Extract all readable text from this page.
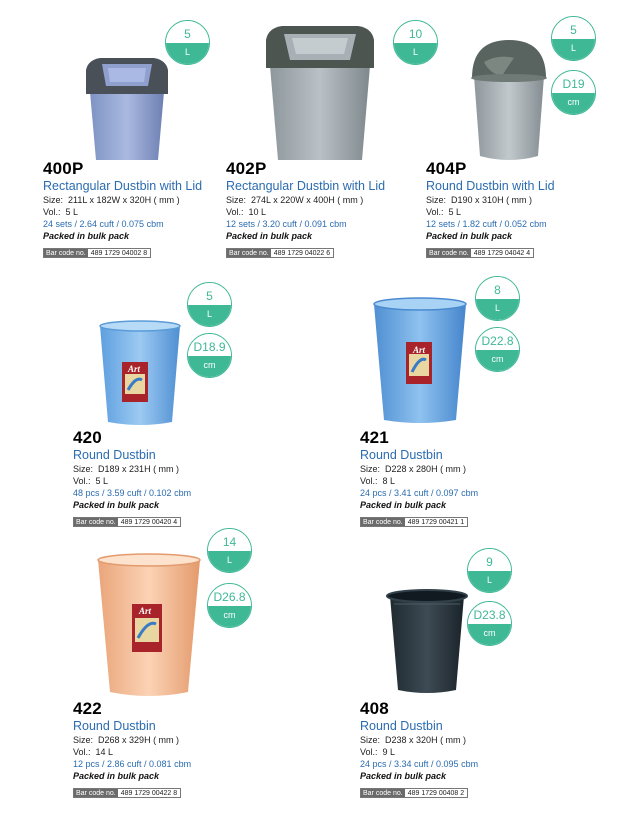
5
L
400P
Rectangular Dustbin with Lid
Size: 211L x 182W x 320H ( mm )
Vol.: 5 L
24 sets / 2.64 cuft / 0.075 cbm
Packed in bulk pack
Bar code no. 489 1729 04002 8
10
L
402P
Rectangular Dustbin with Lid
Size: 274L x 220W x 400H ( mm )
Vol.: 10 L
12 sets / 3.20 cuft / 0.091 cbm
Packed in bulk pack
Bar code no. 489 1729 04022 6
5
L
D19
cm
404P
Round Dustbin with Lid
Size: D190 x 310H ( mm )
Vol.: 5 L
12 sets / 1.82 cuft / 0.052 cbm
Packed in bulk pack
Bar code no. 489 1729 04042 4
Art
5
L
D18.9
cm
420
Round Dustbin
Size: D189 x 231H ( mm )
Vol.: 5 L
48 pcs / 3.59 cuft / 0.102 cbm
Packed in bulk pack
Bar code no. 489 1729 00420 4
Art
8
L
D22.8
cm
421
Round Dustbin
Size: D228 x 280H ( mm )
Vol.: 8 L
24 pcs / 3.41 cuft / 0.097 cbm
Packed in bulk pack
Bar code no. 489 1729 00421 1
Art
14
L
D26.8
cm
422
Round Dustbin
Size: D268 x 329H ( mm )
Vol.: 14 L
12 pcs / 2.86 cuft / 0.081 cbm
Packed in bulk pack
Bar code no. 489 1729 00422 8
9
L
D23.8
cm
408
Round Dustbin
Size: D238 x 320H ( mm )
Vol.: 9 L
24 pcs / 3.34 cuft / 0.095 cbm
Packed in bulk pack
Bar code no. 489 1729 00408 2
